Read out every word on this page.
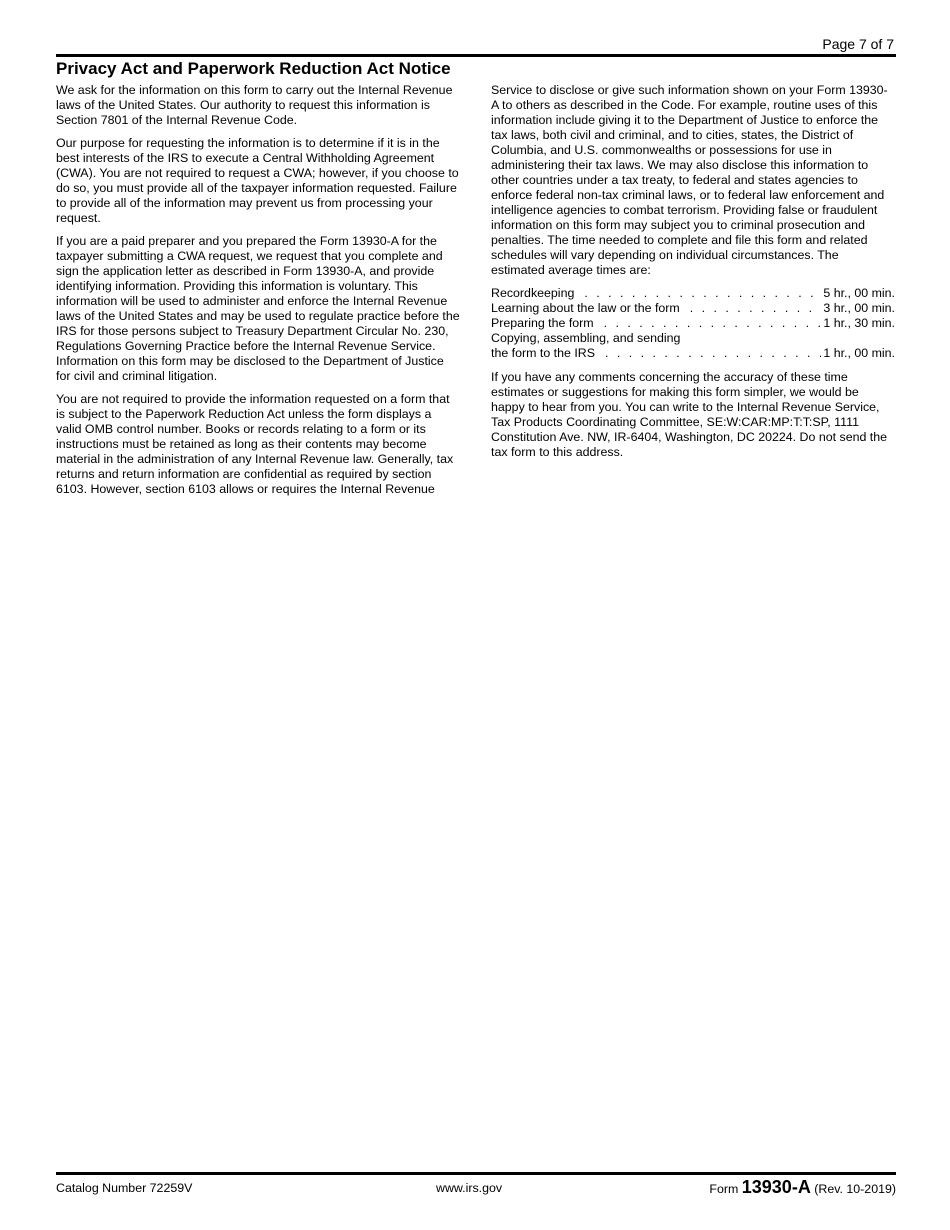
Page 7 of 7
Privacy Act and Paperwork Reduction Act Notice

We ask for the information on this form to carry out the Internal Revenue laws of the United States. Our authority to request this information is Section 7801 of the Internal Revenue Code.

Our purpose for requesting the information is to determine if it is in the best interests of the IRS to execute a Central Withholding Agreement (CWA). You are not required to request a CWA; however, if you choose to do so, you must provide all of the taxpayer information requested. Failure to provide all of the information may prevent us from processing your request.

If you are a paid preparer and you prepared the Form 13930-A for the taxpayer submitting a CWA request, we request that you complete and sign the application letter as described in Form 13930-A, and provide identifying information. Providing this information is voluntary. This information will be used to administer and enforce the Internal Revenue laws of the United States and may be used to regulate practice before the IRS for those persons subject to Treasury Department Circular No. 230, Regulations Governing Practice before the Internal Revenue Service. Information on this form may be disclosed to the Department of Justice for civil and criminal litigation.

You are not required to provide the information requested on a form that is subject to the Paperwork Reduction Act unless the form displays a valid OMB control number. Books or records relating to a form or its instructions must be retained as long as their contents may become material in the administration of any Internal Revenue law. Generally, tax returns and return information are confidential as required by section 6103. However, section 6103 allows or requires the Internal Revenue

Service to disclose or give such information shown on your Form 13930-A to others as described in the Code. For example, routine uses of this information include giving it to the Department of Justice to enforce the tax laws, both civil and criminal, and to cities, states, the District of Columbia, and U.S. commonwealths or possessions for use in administering their tax laws. We may also disclose this information to other countries under a tax treaty, to federal and states agencies to enforce federal non-tax criminal laws, or to federal law enforcement and intelligence agencies to combat terrorism. Providing false or fraudulent information on this form may subject you to criminal prosecution and penalties. The time needed to complete and file this form and related schedules will vary depending on individual circumstances. The estimated average times are:

Recordkeeping . . .	5 hr., 00 min.
Learning about the law or the form . . .	3 hr., 00 min.
Preparing the form . . .	1 hr., 30 min.
Copying, assembling, and sending
the form to the IRS . . .	1 hr., 00 min.

If you have any comments concerning the accuracy of these time estimates or suggestions for making this form simpler, we would be happy to hear from you. You can write to the Internal Revenue Service, Tax Products Coordinating Committee, SE:W:CAR:MP:T:T:SP, 1111 Constitution Ave. NW, IR-6404, Washington, DC 20224. Do not send the tax form to this address.

Catalog Number 72259V	www.irs.gov	Form 13930-A (Rev. 10-2019)
